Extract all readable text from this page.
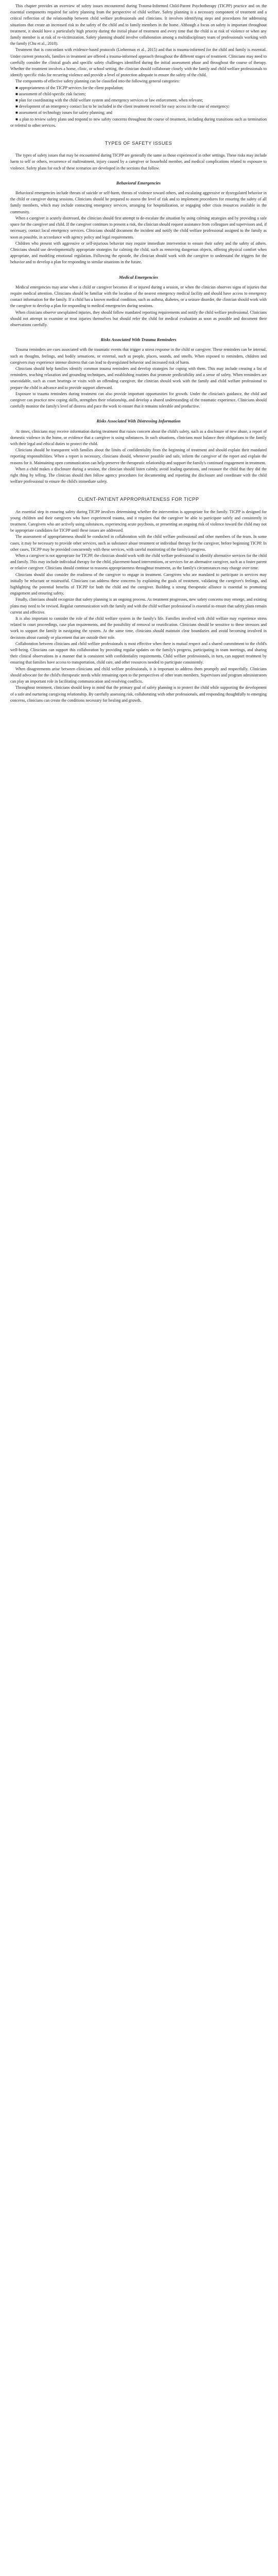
This chapter provides an overview of safety issues encountered during Trauma-Informed Child-Parent Psychotherapy (TICPP) practice and on the essential components required for safety planning from the perspective of child welfare. Safety planning is a necessary component of treatment and a critical reflection of the relationship between child welfare professionals and clinicians. It involves identifying steps and procedures for addressing situations that create an increased risk to the safety of the child and to family members in the home. Although a focus on safety is important throughout treatment, it should have a particularly high priority during the initial phase of treatment and every time that the child is at risk of violence or when any family member is at risk of re-victimization. Safety planning should involve collaboration among a multidisciplinary team of professionals working with the family (Chu et al., 2018).

Treatment that is concordant with evidence-based protocols (Lieberman et al., 2015) and that is trauma-informed for the child and family is essential. Under current protocols, families in treatment are offered a trauma-informed approach throughout the different stages of treatment. Clinicians may need to carefully consider the clinical goals and specific safety challenges identified during the initial assessment phase and throughout the course of therapy. Whether the treatment involves a home, clinic, or school setting, the clinician should collaborate closely with the family and child welfare professionals to identify specific risks for recurring violence and provide a level of protection adequate to ensure the safety of the child.

The components of effective safety planning can be classified into the following general categories:

■ appropriateness of the TICPP services for the client population;

■ assessment of child-specific risk factors;

■ plan for coordinating with the child welfare system and emergency services or law enforcement, when relevant;

■ development of an emergency contact list to be included in the client treatment record for easy access in the case of emergency;

■ assessment of technology issues for safety planning; and

■ a plan to review safety plans and respond to new safety concerns throughout the course of treatment, including during transitions such as termination or referral to other services.

TYPES OF SAFETY ISSUES

The types of safety issues that may be encountered during TICPP are generally the same as those experienced in other settings. These risks may include harm to self or others, recurrence of maltreatment, injury caused by a caregiver or household member, and medical complications related to exposure to violence. Safety plans for each of these scenarios are developed in the sections that follow.

Behavioral Emergencies

Behavioral emergencies include threats of suicide or self-harm, threats of violence toward others, and escalating aggressive or dysregulated behavior in the child or caregiver during sessions. Clinicians should be prepared to assess the level of risk and to implement procedures for ensuring the safety of all family members, which may include contacting emergency services, arranging for hospitalization, or engaging other crisis resources available in the community.

When a caregiver is acutely distressed, the clinician should first attempt to de-escalate the situation by using calming strategies and by providing a safe space for the caregiver and child. If the caregiver continues to present a risk, the clinician should request assistance from colleagues and supervisors and, if necessary, contact local emergency services. Clinicians should document the incident and notify the child welfare professional assigned to the family as soon as possible, in accordance with agency policy and legal requirements.

Children who present with aggressive or self-injurious behavior may require immediate intervention to ensure their safety and the safety of others. Clinicians should use developmentally appropriate strategies for calming the child, such as removing dangerous objects, offering physical comfort when appropriate, and modeling emotional regulation. Following the episode, the clinician should work with the caregiver to understand the triggers for the behavior and to develop a plan for responding to similar situations in the future.

Medical Emergencies

Medical emergencies may arise when a child or caregiver becomes ill or injured during a session, or when the clinician observes signs of injuries that require medical attention. Clinicians should be familiar with the location of the nearest emergency medical facility and should have access to emergency contact information for the family. If a child has a known medical condition, such as asthma, diabetes, or a seizure disorder, the clinician should work with the caregiver to develop a plan for responding to medical emergencies during sessions.

When clinicians observe unexplained injuries, they should follow mandated reporting requirements and notify the child welfare professional. Clinicians should not attempt to examine or treat injuries themselves but should refer the child for medical evaluation as soon as possible and document their observations carefully.

Risks Associated With Trauma Reminders

Trauma reminders are cues associated with the traumatic events that trigger a stress response in the child or caregiver. These reminders can be internal, such as thoughts, feelings, and bodily sensations, or external, such as people, places, sounds, and smells. When exposed to reminders, children and caregivers may experience intense distress that can lead to dysregulated behavior and increased risk of harm.

Clinicians should help families identify common trauma reminders and develop strategies for coping with them. This may include creating a list of reminders, teaching relaxation and grounding techniques, and establishing routines that promote predictability and a sense of safety. When reminders are unavoidable, such as court hearings or visits with an offending caregiver, the clinician should work with the family and child welfare professional to prepare the child in advance and to provide support afterward.

Exposure to trauma reminders during treatment can also provide important opportunities for growth. Under the clinician's guidance, the child and caregiver can practice new coping skills, strengthen their relationship, and develop a shared understanding of the traumatic experience. Clinicians should carefully monitor the family's level of distress and pace the work to ensure that it remains tolerable and productive.

Risks Associated With Distressing Information

At times, clinicians may receive information during treatment that raises concern about the child's safety, such as a disclosure of new abuse, a report of domestic violence in the home, or evidence that a caregiver is using substances. In such situations, clinicians must balance their obligations to the family with their legal and ethical duties to protect the child.

Clinicians should be transparent with families about the limits of confidentiality from the beginning of treatment and should explain their mandated reporting responsibilities. When a report is necessary, clinicians should, whenever possible and safe, inform the caregiver of the report and explain the reasons for it. Maintaining open communication can help preserve the therapeutic relationship and support the family's continued engagement in treatment.

When a child makes a disclosure during a session, the clinician should listen calmly, avoid leading questions, and reassure the child that they did the right thing by telling. The clinician should then follow agency procedures for documenting and reporting the disclosure and coordinate with the child welfare professional to ensure the child's immediate safety.

CLIENT-PATIENT APPROPRIATENESS FOR TICPP

An essential step in ensuring safety during TICPP involves determining whether the intervention is appropriate for the family. TICPP is designed for young children and their caregivers who have experienced trauma, and it requires that the caregiver be able to participate safely and consistently in treatment. Caregivers who are actively using substances, experiencing acute psychosis, or presenting an ongoing risk of violence toward the child may not be appropriate candidates for TICPP until these issues are addressed.

The assessment of appropriateness should be conducted in collaboration with the child welfare professional and other members of the team. In some cases, it may be necessary to provide other services, such as substance abuse treatment or individual therapy for the caregiver, before beginning TICPP. In other cases, TICPP may be provided concurrently with these services, with careful monitoring of the family's progress.

When a caregiver is not appropriate for TICPP, the clinician should work with the child welfare professional to identify alternative services for the child and family. This may include individual therapy for the child, placement-based interventions, or services for an alternative caregiver, such as a foster parent or relative caregiver. Clinicians should continue to reassess appropriateness throughout treatment, as the family's circumstances may change over time.

Clinicians should also consider the readiness of the caregiver to engage in treatment. Caregivers who are mandated to participate in services may initially be reluctant or mistrustful. Clinicians can address these concerns by explaining the goals of treatment, validating the caregiver's feelings, and highlighting the potential benefits of TICPP for both the child and the caregiver. Building a strong therapeutic alliance is essential to promoting engagement and ensuring safety.

Finally, clinicians should recognize that safety planning is an ongoing process. As treatment progresses, new safety concerns may emerge, and existing plans may need to be revised. Regular communication with the family and with the child welfare professional is essential to ensure that safety plans remain current and effective.

It is also important to consider the role of the child welfare system in the family's life. Families involved with child welfare may experience stress related to court proceedings, case plan requirements, and the possibility of removal or reunification. Clinicians should be sensitive to these stressors and work to support the family in navigating the system. At the same time, clinicians should maintain clear boundaries and avoid becoming involved in decisions about custody or placement that are outside their role.

Collaboration between clinicians and child welfare professionals is most effective when there is mutual respect and a shared commitment to the child's well-being. Clinicians can support this collaboration by providing regular updates on the family's progress, participating in team meetings, and sharing their clinical observations in a manner that is consistent with confidentiality requirements. Child welfare professionals, in turn, can support treatment by ensuring that families have access to transportation, child care, and other resources needed to participate consistently.

When disagreements arise between clinicians and child welfare professionals, it is important to address them promptly and respectfully. Clinicians should advocate for the child's therapeutic needs while remaining open to the perspectives of other team members. Supervisors and program administrators can play an important role in facilitating communication and resolving conflicts.

Throughout treatment, clinicians should keep in mind that the primary goal of safety planning is to protect the child while supporting the development of a safe and nurturing caregiving relationship. By carefully assessing risk, collaborating with other professionals, and responding thoughtfully to emerging concerns, clinicians can create the conditions necessary for healing and growth.
